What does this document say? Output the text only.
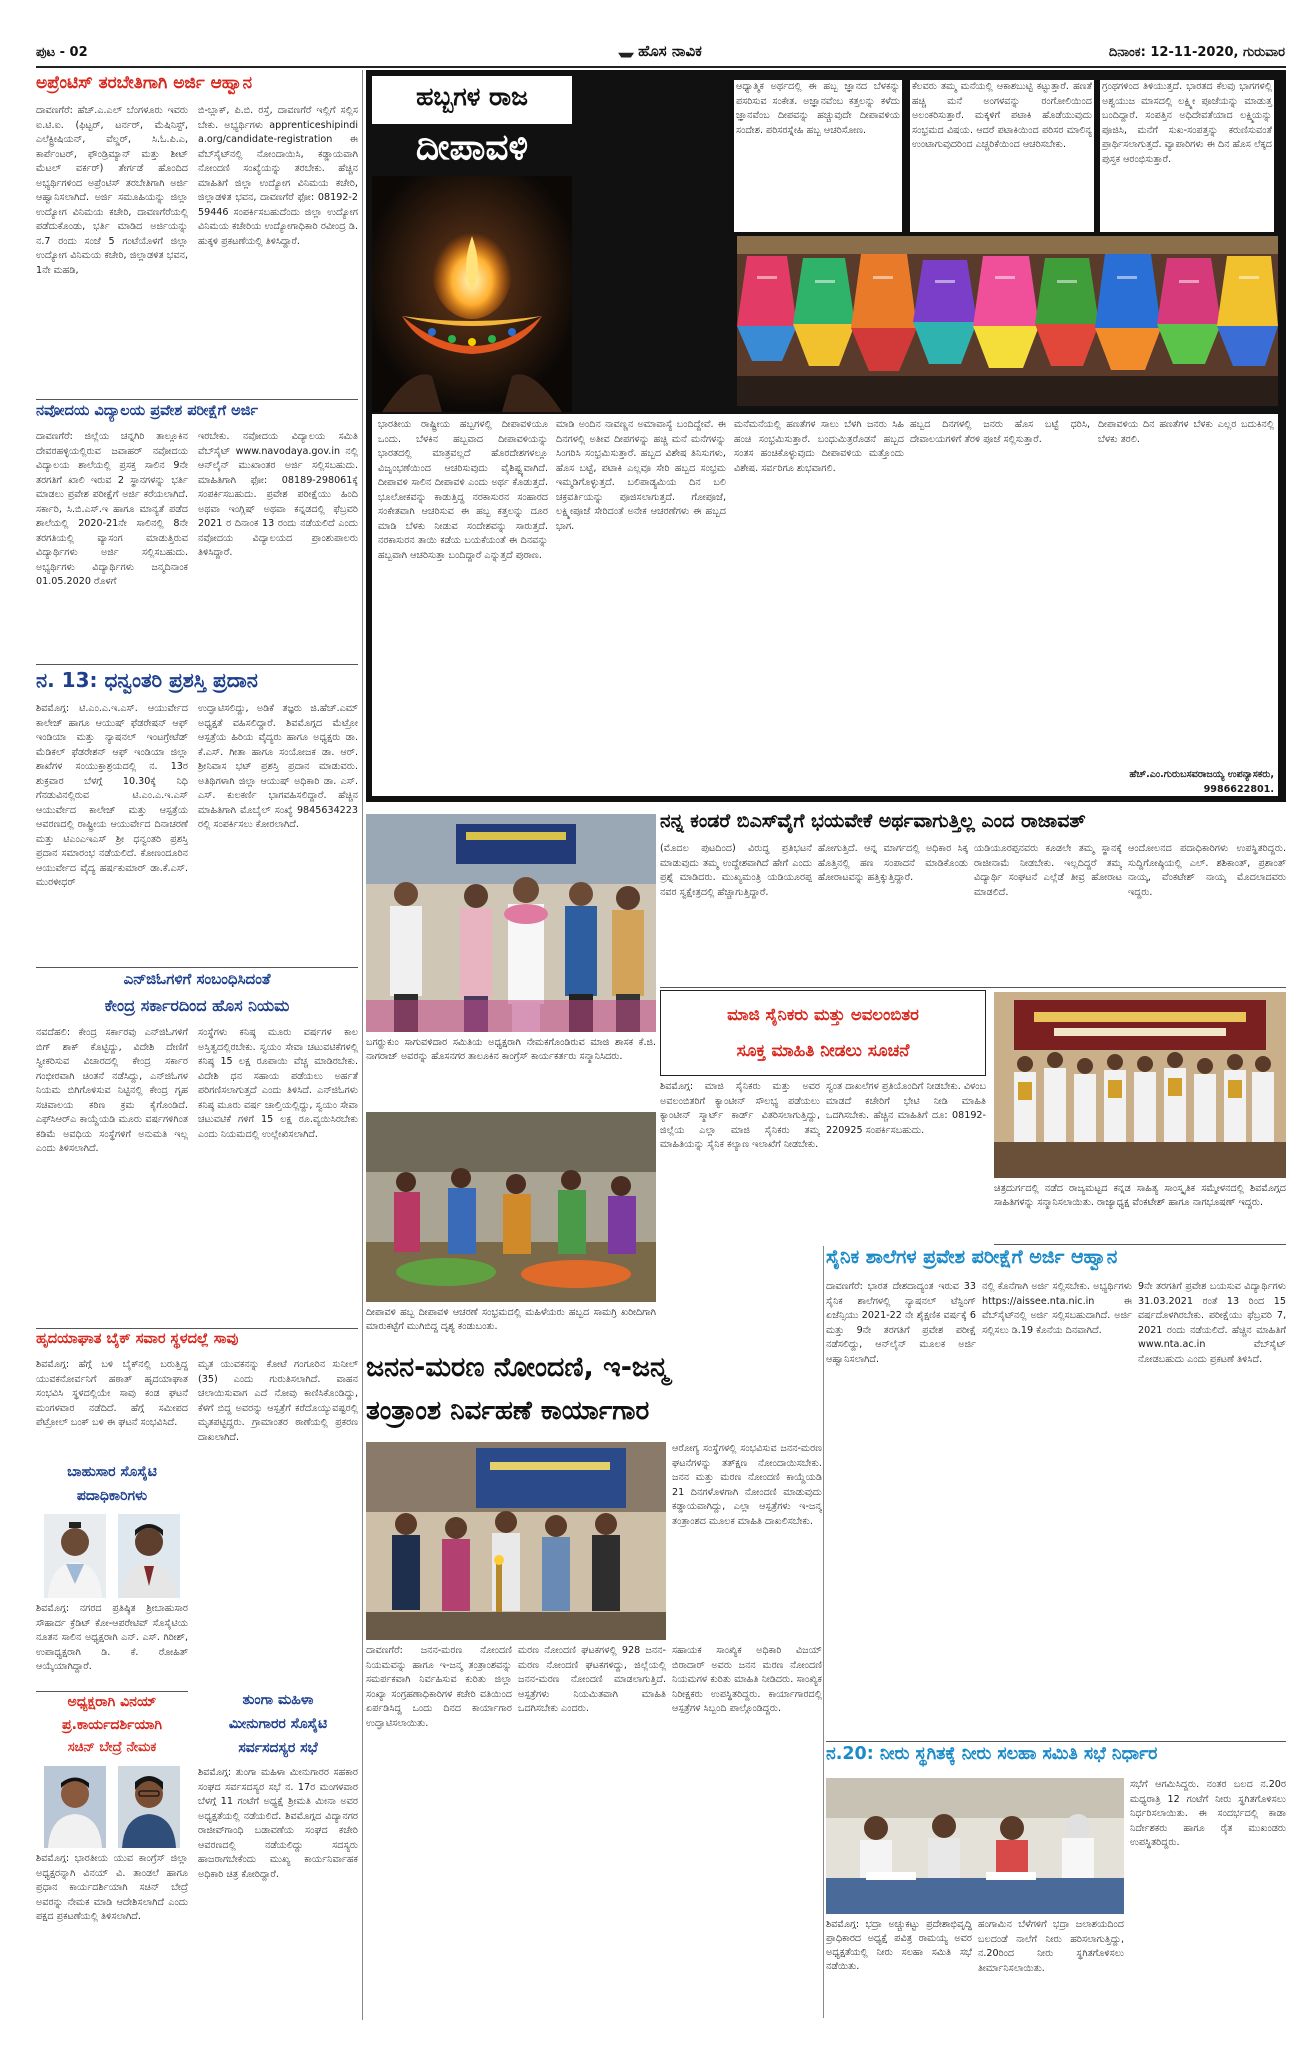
ಪುಟ - 02	ಹೊಸ ನಾವಿಕ	ದಿನಾಂಕ: 12-11-2020, ಗುರುವಾರ
ಅಪ್ರೆಂಟಿಸ್ ತರಬೇತಿಗಾಗಿ ಅರ್ಜಿ ಆಹ್ವಾನ
ದಾವಣಗೆರೆ: ಹೆಚ್.ಎ.ಎಲ್ ಬೆಂಗಳೂರು ಇವರು ಐ.ಟಿ.ಐ. (ಫಿಟ್ಟರ್, ಟರ್ನರ್, ಮೆಷಿನಿಸ್ಟ್, ಎಲೆಕ್ಟ್ರೀಷಿಯನ್, ವೆಲ್ಡರ್, ಸಿ.ಓ.ಪಿ.ಎ, ಕಾರ್ಪೆಂಟರ್, ಫೌಂಡ್ರಿಮ್ಯಾನ್ ಮತ್ತು ಶೀಟ್ ಮೆಟಲ್ ವರ್ಕರ್) ತೇರ್ಗಡೆ ಹೊಂದಿದ ಅಭ್ಯರ್ಥಿಗಳಿಂದ ಅಪ್ರೆಂಟಿಸ್ ತರಬೇತಿಗಾಗಿ ಅರ್ಜಿ ಆಹ್ವಾನಿಸಲಾಗಿದೆ. ಅರ್ಜಿ ಸಮೂಹಿಯನ್ನು ಜಿಲ್ಲಾ ಉದ್ಯೋಗ ವಿನಿಮಯ ಕಚೇರಿ, ದಾವಣಗೆರೆಯಲ್ಲಿ ಪಡೆದುಕೊಂಡು, ಭರ್ತಿ ಮಾಡಿದ ಅರ್ಜಿಯನ್ನು ನ.7 ರಂದು ಸಂಜೆ 5 ಗಂಟೆಯೊಳಗೆ ಜಿಲ್ಲಾ ಉದ್ಯೋಗ ವಿನಿಮಯ ಕಚೇರಿ, ಜಿಲ್ಲಾಡಳಿತ ಭವನ, 1ನೇ ಮಹಡಿ,
ಬಿ-ಬ್ಲಾಕ್, ಪಿ.ಬಿ. ರಸ್ತೆ, ದಾವಣಗೆರೆ ಇಲ್ಲಿಗೆ ಸಲ್ಲಿಸಬೇಕು. ಅಭ್ಯರ್ಥಿಗಳು apprenticeshipindia.org/candidate-registration ಈ ವೆಬ್‍ಸೈಟ್‍ನಲ್ಲಿ ನೋಂದಾಯಿಸಿ, ಕಡ್ಡಾಯವಾಗಿ ನೋಂದಣಿ ಸಂಖ್ಯೆಯನ್ನು ತರಬೇಕು. ಹೆಚ್ಚಿನ ಮಾಹಿತಿಗೆ ಜಿಲ್ಲಾ ಉದ್ಯೋಗ ವಿನಿಮಯ ಕಚೇರಿ, ಜಿಲ್ಲಾಡಳಿತ ಭವನ, ದಾವಣಗೆರೆ ಫೋ: 08192-259446 ಸಂಪರ್ಕಿಸಬಹುದೆಂದು ಜಿಲ್ಲಾ ಉದ್ಯೋಗ ವಿನಿಮಯ ಕಚೇರಿಯ ಉದ್ಯೋಗಾಧಿಕಾರಿ ರವೀಂದ್ರ ಡಿ. ಹುಕ್ಕಳಿ ಪ್ರಕಟಣೆಯಲ್ಲಿ ತಿಳಿಸಿದ್ದಾರೆ.
ನವೋದಯ ವಿದ್ಯಾಲಯ ಪ್ರವೇಶ ಪರೀಕ್ಷೆಗೆ ಅರ್ಜಿ
ದಾವಣಗೆರೆ: ಜಿಲ್ಲೆಯ ಚನ್ನಗಿರಿ ತಾಲ್ಲೂಕಿನ ದೇವರಹಳ್ಳಿಯಲ್ಲಿರುವ ಜವಾಹರ್ ನವೋದಯ ವಿದ್ಯಾಲಯ ಶಾಲೆಯಲ್ಲಿ ಪ್ರಸಕ್ತ ಸಾಲಿನ 9ನೇ ತರಗತಿಗೆ ಖಾಲಿ ಇರುವ 2 ಸ್ಥಾನಗಳನ್ನು ಭರ್ತಿ ಮಾಡಲು ಪ್ರವೇಶ ಪರೀಕ್ಷೆಗೆ ಅರ್ಜಿ ಕರೆಯಲಾಗಿದೆ. ಸರ್ಕಾರಿ, ಸಿ.ಬಿ.ಎಸ್.ಇ ಹಾಗೂ ಮಾನ್ಯತೆ ಪಡೆದ ಶಾಲೆಯಲ್ಲಿ 2020-21ನೇ ಸಾಲಿನಲ್ಲಿ 8ನೇ ತರಗತಿಯಲ್ಲಿ ವ್ಯಾಸಂಗ ಮಾಡುತ್ತಿರುವ ವಿದ್ಯಾರ್ಥಿಗಳು ಅರ್ಜಿ ಸಲ್ಲಿಸಬಹುದು. ಅಭ್ಯರ್ಥಿಗಳು ವಿದ್ಯಾರ್ಥಿಗಳು ಜನ್ಮದಿನಾಂಕ 01.05.2020 ರೊಳಗೆ
ಇರಬೇಕು. ನವೋದಯ ವಿದ್ಯಾಲಯ ಸಮಿತಿ ವೆಬ್‍ಸೈಟ್ www.navodaya.gov.in ನಲ್ಲಿ ಆನ್‍ಲೈನ್ ಮುಖಾಂತರ ಅರ್ಜಿ ಸಲ್ಲಿಸಬಹುದು. ಮಾಹಿತಿಗಾಗಿ ಫೋ: 08189-298061ಕ್ಕೆ ಸಂಪರ್ಕಿಸಬಹುದು. ಪ್ರವೇಶ ಪರೀಕ್ಷೆಯು ಹಿಂದಿ ಅಥವಾ ಇಂಗ್ಲಿಷ್ ಅಥವಾ ಕನ್ನಡದಲ್ಲಿ ಫೆಬ್ರವರಿ 2021 ರ ದಿನಾಂಕ 13 ರಂದು ನಡೆಯಲಿದೆ ಎಂದು ನವೋದಯ ವಿದ್ಯಾಲಯದ ಪ್ರಾಂಶುಪಾಲರು ತಿಳಿಸಿದ್ದಾರೆ.
ನ. 13: ಧನ್ವಂತರಿ ಪ್ರಶಸ್ತಿ ಪ್ರದಾನ
ಶಿವಮೊಗ್ಗ: ಟಿ.ಎಂ.ಎ.ಇ.ಎಸ್. ಆಯುರ್ವೇದ ಕಾಲೇಜ್ ಹಾಗೂ ಆಯುಷ್ ಫೆಡರೇಷನ್ ಆಫ್ ಇಂಡಿಯಾ ಮತ್ತು ನ್ಯಾಷನಲ್ ಇಂಟಗ್ರೇಟೆಡ್ ಮೆಡಿಕಲ್ ಫೆಡರೇಶನ್ ಆಫ್ ಇಂಡಿಯಾ ಜಿಲ್ಲಾ ಶಾಖೆಗಳ ಸಂಯುಕ್ತಾಶ್ರಯದಲ್ಲಿ ನ. 13ರ ಶುಕ್ರವಾರ ಬೆಳಗ್ಗೆ 10.30ಕ್ಕೆ ನಿಧಿ ಗೆನಡುವಿನಲ್ಲಿರುವ ಟಿ.ಎಂ.ಎ.ಇ.ಎಸ್ ಆಯುರ್ವೇದ ಕಾಲೇಜ್ ಮತ್ತು ಆಸ್ಪತ್ರೆಯ ಆವರಣದಲ್ಲಿ ರಾಷ್ಟ್ರೀಯ ಆಯುರ್ವೇದ ದಿನಾಚರಣೆ ಮತ್ತು ಟಿಎಂಎಇಎಸ್ ಶ್ರೀ ಧನ್ವಂತರಿ ಪ್ರಶಸ್ತಿ ಪ್ರದಾನ ಸಮಾರಂಭ ನಡೆಯಲಿದೆ. ಕೋಣಂದೂರಿನ ಆಯುರ್ವೇದ ವೈದ್ಯ ಹರ್ಷಕುಮಾರ್ ಡಾ.ಕೆ.ಎಸ್. ಮುರಳೀಧರ್
ಉದ್ಘಾಟಿಸಲಿದ್ದು, ಅಡಿಕೆ ತಜ್ಞರು ಜಿ.ಹೆಚ್.ಎಮ್ ಅಧ್ಯಕ್ಷತೆ ವಹಿಸಲಿದ್ದಾರೆ. ಶಿವಮೊಗ್ಗದ ಮೆಟ್ರೋ ಆಸ್ಪತ್ರೆಯ ಹಿರಿಯ ವೈದ್ಯರು ಹಾಗೂ ಅಧ್ಯಕ್ಷರು ಡಾ. ಕೆ.ಎಸ್. ಗೀತಾ ಹಾಗೂ ಸಂಯೋಜಕ ಡಾ. ಆರ್. ಶ್ರೀನಿವಾಸ ಭಟ್ ಪ್ರಶಸ್ತಿ ಪ್ರದಾನ ಮಾಡುವರು. ಅತಿಥಿಗಳಾಗಿ ಜಿಲ್ಲಾ ಆಯುಷ್ ಅಧಿಕಾರಿ ಡಾ. ಎಸ್. ಎಸ್. ಕುಲಕರ್ಣಿ ಭಾಗವಹಿಸಲಿದ್ದಾರೆ. ಹೆಚ್ಚಿನ ಮಾಹಿತಿಗಾಗಿ ಮೊಬೈಲ್ ಸಂಖ್ಯೆ 9845634223 ರಲ್ಲಿ ಸಂಪರ್ಕಿಸಲು ಕೋರಲಾಗಿದೆ.
ಎನ್‍ಜಿಓಗಳಿಗೆ ಸಂಬಂಧಿಸಿದಂತೆ
ಕೇಂದ್ರ ಸರ್ಕಾರದಿಂದ ಹೊಸ ನಿಯಮ
ನವದೆಹಲಿ: ಕೇಂದ್ರ ಸರ್ಕಾರವು ಎನ್‍ಜಿಓಗಳಿಗೆ ಬಿಗ್ ಶಾಕ್ ಕೊಟ್ಟಿದ್ದು, ವಿದೇಶಿ ದೇಣಿಗೆ ಸ್ವೀಕರಿಸುವ ವಿಚಾರದಲ್ಲಿ ಕೇಂದ್ರ ಸರ್ಕಾರ ಗಂಭೀರವಾಗಿ ಚಿಂತನೆ ನಡೆಸಿದ್ದು, ಎನ್‍ಜಿಓಗಳ ನಿಯಮ ಬಿಗಿಗೊಳಿಸುವ ನಿಟ್ಟಿನಲ್ಲಿ ಕೇಂದ್ರ ಗೃಹ ಸಚಿವಾಲಯ ಕಠಿಣ ಕ್ರಮ ಕೈಗೊಂಡಿದೆ. ಎಫ್‍ಸಿಆರ್‍ಎ ಕಾಯ್ದೆಯಡಿ ಮೂರು ವರ್ಷಗಳಿಗಿಂತ ಕಡಿಮೆ ಅವಧಿಯ ಸಂಸ್ಥೆಗಳಿಗೆ ಅನುಮತಿ ಇಲ್ಲ ಎಂದು ತಿಳಿಸಲಾಗಿದೆ.
ಸಂಸ್ಥೆಗಳು ಕನಿಷ್ಠ ಮೂರು ವರ್ಷಗಳ ಕಾಲ ಅಸ್ತಿತ್ವದಲ್ಲಿರಬೇಕು. ಸ್ವಯಂ ಸೇವಾ ಚಟುವಟಿಕೆಗಳಲ್ಲಿ ಕನಿಷ್ಠ 15 ಲಕ್ಷ ರೂಪಾಯಿ ವೆಚ್ಚ ಮಾಡಿರಬೇಕು. ವಿದೇಶಿ ಧನ ಸಹಾಯ ಪಡೆಯಲು ಅರ್ಹತೆ ಪರಿಗಣಿಸಲಾಗುತ್ತದೆ ಎಂದು ತಿಳಿಸಿದೆ. ಎನ್‍ಜಿಓಗಳು ಕನಿಷ್ಠ ಮೂರು ವರ್ಷ ಚಾಲ್ತಿಯಲ್ಲಿದ್ದು, ಸ್ವಯಂ ಸೇವಾ ಚಟುವಟಿಕೆ ಗಳಿಗೆ 15 ಲಕ್ಷ ರೂ.ವ್ಯಯಿಸಿರಬೇಕು ಎಂದು ನಿಯಮದಲ್ಲಿ ಉಲ್ಲೇಖಿಸಲಾಗಿದೆ.
ಹೃದಯಾಘಾತ ಬೈಕ್ ಸವಾರ ಸ್ಥಳದಲ್ಲೆ ಸಾವು
ಶಿವಮೊಗ್ಗ: ಹೆಗ್ಗೆ ಬಳಿ ಬೈಕ್‍ನಲ್ಲಿ ಬರುತ್ತಿದ್ದ ಯುವಕನೋರ್ವನಿಗೆ ಹಠಾತ್ ಹೃದಯಾಘಾತ ಸಂಭವಿಸಿ ಸ್ಥಳದಲ್ಲಿಯೇ ಸಾವು ಕಂಡ ಘಟನೆ ಮಂಗಳವಾರ ನಡೆದಿದೆ. ಹೆಗ್ಗೆ ಸಮೀಪದ ಪೆಟ್ರೋಲ್ ಬಂಕ್ ಬಳಿ ಈ ಘಟನೆ ಸಂಭವಿಸಿದೆ.
ಮೃತ ಯುವಕನನ್ನು ಕೋಟೆ ಗಂಗೂರಿನ ಸುನೀಲ್ (35) ಎಂದು ಗುರುತಿಸಲಾಗಿದೆ. ವಾಹನ ಚಲಾಯಿಸುವಾಗ ಎದೆ ನೋವು ಕಾಣಿಸಿಕೊಂಡಿದ್ದು, ಕೆಳಗೆ ಬಿದ್ದ ಅವರನ್ನು ಆಸ್ಪತ್ರೆಗೆ ಕರೆದೊಯ್ಯುವಷ್ಟರಲ್ಲಿ ಮೃತಪಟ್ಟಿದ್ದರು. ಗ್ರಾಮಾಂತರ ಠಾಣೆಯಲ್ಲಿ ಪ್ರಕರಣ ದಾಖಲಾಗಿದೆ.
ಬಾಹುಸಾರ ಸೊಸೈಟಿ
ಪದಾಧಿಕಾರಿಗಳು
ಶಿವಮೊಗ್ಗ: ನಗರದ ಪ್ರತಿಷ್ಠಿತ ಶ್ರೀಬಾಹುಸಾರ ಸೌಹಾರ್ದ ಕ್ರೆಡಿಟ್ ಕೋ-ಆಪರೇಟಿವ್ ಸೊಸೈಟಿಯ ನೂತನ ಸಾಲಿನ ಅಧ್ಯಕ್ಷರಾಗಿ ಎನ್. ಎಸ್. ಗಿರೀಶ್, ಉಪಾಧ್ಯಕ್ಷರಾಗಿ ಡಿ. ಕೆ. ರೋಹಿತ್ ಆಯ್ಕೆಯಾಗಿದ್ದಾರೆ.
ಅಧ್ಯಕ್ಷರಾಗಿ ವಿನಯ್
ಪ್ರ.ಕಾರ್ಯದರ್ಶಿಯಾಗಿ
ಸಚಿನ್ ಬೇದ್ರೆ ನೇಮಕ
ಶಿವಮೊಗ್ಗ: ಭಾರತೀಯ ಯುವ ಕಾಂಗ್ರೆಸ್ ಜಿಲ್ಲಾ ಅಧ್ಯಕ್ಷರನ್ನಾಗಿ ವಿನಯ್ ವಿ. ತಾಂಡಲೆ ಹಾಗೂ ಪ್ರಧಾನ ಕಾರ್ಯದರ್ಶಿಯಾಗಿ ಸಚಿನ್ ಬೇದ್ರೆ ಅವರನ್ನು ನೇಮಕ ಮಾಡಿ ಆದೇಶಿಸಲಾಗಿದೆ ಎಂದು ಪಕ್ಷದ ಪ್ರಕಟಣೆಯಲ್ಲಿ ತಿಳಿಸಲಾಗಿದೆ.
ತುಂಗಾ ಮಹಿಳಾ
ಮೀನುಗಾರರ ಸೊಸೈಟಿ
ಸರ್ವಸದಸ್ಯರ ಸಭೆ
ಶಿವಮೊಗ್ಗ: ತುಂಗಾ ಮಹಿಳಾ ಮೀನುಗಾರರ ಸಹಕಾರ ಸಂಘದ ಸರ್ವಸದಸ್ಯರ ಸಭೆ ನ. 17ರ ಮಂಗಳವಾರ ಬೆಳಗ್ಗೆ 11 ಗಂಟೆಗೆ ಅಧ್ಯಕ್ಷೆ ಶ್ರೀಮತಿ ಮೀನಾ ಅವರ ಅಧ್ಯಕ್ಷತೆಯಲ್ಲಿ ನಡೆಯಲಿದೆ. ಶಿವಮೊಗ್ಗದ ವಿದ್ಯಾನಗರ ರಾಜೀವ್‍ಗಾಂಧಿ ಬಡಾವಣೆಯ ಸಂಘದ ಕಚೇರಿ ಆವರಣದಲ್ಲಿ ನಡೆಯಲಿದ್ದು ಸದಸ್ಯರು ಹಾಜರಾಗಬೇಕೆಂದು ಮುಖ್ಯ ಕಾರ್ಯನಿರ್ವಾಹಕ ಅಧಿಕಾರಿ ಚಿತ್ರ ಕೋರಿದ್ದಾರೆ.
ಹಬ್ಬಗಳ ರಾಜ
ದೀಪಾವಳಿ
ಭಾರತೀಯ ರಾಷ್ಟ್ರೀಯ ಹಬ್ಬಗಳಲ್ಲಿ ದೀಪಾವಳಿಯೂ ಒಂದು. ಬೆಳಕಿನ ಹಬ್ಬವಾದ ದೀಪಾವಳಿಯನ್ನು ಭಾರತದಲ್ಲಿ ಮಾತ್ರವಲ್ಲದೆ ಹೊರದೇಶಗಳಲ್ಲೂ ವಿಜೃಂಭಣೆಯಿಂದ ಆಚರಿಸುವುದು ವೈಶಿಷ್ಟ್ಯವಾಗಿದೆ. ದೀಪಾವಳಿ ಸಾಲಿನ ದೀಪಾವಳಿ ಎಂದು ಅರ್ಥ ಕೊಡುತ್ತದೆ. ಭೂಲೋಕವನ್ನು ಕಾಡುತ್ತಿದ್ದ ನರಕಾಸುರನ ಸಂಹಾರದ ಸಂಕೇತವಾಗಿ ಆಚರಿಸುವ ಈ ಹಬ್ಬ ಕತ್ತಲನ್ನು ದೂರ ಮಾಡಿ ಬೆಳಕು ನೀಡುವ ಸಂದೇಶವನ್ನು ಸಾರುತ್ತದೆ. ನರಕಾಸುರನ ತಾಯಿ ಕಡೆಯ ಬಯಕೆಯಂತೆ ಈ ದಿನವನ್ನು ಹಬ್ಬವಾಗಿ ಆಚರಿಸುತ್ತಾ ಬಂದಿದ್ದಾರೆ ಎನ್ನುತ್ತದೆ ಪುರಾಣ.
ಮಾಡಿ ಅಂದಿನ ನಾವಣ್ಣನ ಅಮಾವಾಸ್ಯೆ ಬಂದಿದ್ದೇವೆ. ಈ ದಿನಗಳಲ್ಲಿ ಅತೀವ ದೀಪಗಳನ್ನು ಹಚ್ಚಿ ಮನೆ ಮನೆಗಳನ್ನು ಸಿಂಗರಿಸಿ ಸಂಭ್ರಮಿಸುತ್ತಾರೆ. ಹಬ್ಬದ ವಿಶೇಷ ತಿನಿಸುಗಳು, ಹೊಸ ಬಟ್ಟೆ, ಪಟಾಕಿ ಎಲ್ಲವೂ ಸೇರಿ ಹಬ್ಬದ ಸಂಭ್ರಮ ಇಮ್ಮಡಿಗೊಳ್ಳುತ್ತದೆ. ಬಲಿಪಾಡ್ಯಮಿಯ ದಿನ ಬಲಿ ಚಕ್ರವರ್ತಿಯನ್ನು ಪೂಜಿಸಲಾಗುತ್ತದೆ. ಗೋಪೂಜೆ, ಲಕ್ಷ್ಮೀಪೂಜೆ ಸೇರಿದಂತೆ ಅನೇಕ ಆಚರಣೆಗಳು ಈ ಹಬ್ಬದ ಭಾಗ.
ಆಧ್ಯಾತ್ಮಿಕ ಅರ್ಥದಲ್ಲಿ ಈ ಹಬ್ಬ ಜ್ಞಾನದ ಬೆಳಕನ್ನು ಪಸರಿಸುವ ಸಂಕೇತ. ಅಜ್ಞಾನವೆಂಬ ಕತ್ತಲನ್ನು ಕಳೆದು ಜ್ಞಾನವೆಂಬ ದೀಪವನ್ನು ಹಚ್ಚುವುದೇ ದೀಪಾವಳಿಯ ಸಂದೇಶ. ಪರಿಸರಸ್ನೇಹಿ ಹಬ್ಬ ಆಚರಿಸೋಣ.
ಗ್ರಂಥಗಳಿಂದ ತಿಳಿಯುತ್ತದೆ. ಭಾರತದ ಕೆಲವು ಭಾಗಗಳಲ್ಲಿ ಅಶ್ವಯುಜ ಮಾಸದಲ್ಲಿ ಲಕ್ಷ್ಮೀ ಪೂಜೆಯನ್ನು ಮಾಡುತ್ತ ಬಂದಿದ್ದಾರೆ. ಸಂಪತ್ತಿನ ಅಧಿದೇವತೆಯಾದ ಲಕ್ಷ್ಮಿಯನ್ನು ಪೂಜಿಸಿ, ಮನೆಗೆ ಸುಖ-ಸಂಪತ್ತನ್ನು ಕರುಣಿಸುವಂತೆ ಪ್ರಾರ್ಥಿಸಲಾಗುತ್ತದೆ. ವ್ಯಾಪಾರಿಗಳು ಈ ದಿನ ಹೊಸ ಲೆಕ್ಕದ ಪುಸ್ತಕ ಆರಂಭಿಸುತ್ತಾರೆ.
ಕೆಲವರು ತಮ್ಮ ಮನೆಯಲ್ಲಿ ಆಕಾಶಬುಟ್ಟಿ ಕಟ್ಟುತ್ತಾರೆ. ಹಣತೆ ಹಚ್ಚಿ ಮನೆ ಅಂಗಳವನ್ನು ರಂಗೋಲಿಯಿಂದ ಅಲಂಕರಿಸುತ್ತಾರೆ. ಮಕ್ಕಳಿಗೆ ಪಟಾಕಿ ಹೊಡೆಯುವುದು ಸಂಭ್ರಮದ ವಿಷಯ. ಆದರೆ ಪಟಾಕಿಯಿಂದ ಪರಿಸರ ಮಾಲಿನ್ಯ ಉಂಟಾಗುವುದರಿಂದ ಎಚ್ಚರಿಕೆಯಿಂದ ಆಚರಿಸಬೇಕು.
ಮನೆಮನೆಯಲ್ಲಿ ಹಣತೆಗಳ ಸಾಲು ಬೆಳಗಿ ಜನರು ಸಿಹಿ ಹಂಚಿ ಸಂಭ್ರಮಿಸುತ್ತಾರೆ. ಬಂಧುಮಿತ್ರರೊಡನೆ ಹಬ್ಬದ ಸಂತಸ ಹಂಚಿಕೊಳ್ಳುವುದು ದೀಪಾವಳಿಯ ಮತ್ತೊಂದು ವಿಶೇಷ. ಸರ್ವರಿಗೂ ಶುಭವಾಗಲಿ.
ಹಬ್ಬದ ದಿನಗಳಲ್ಲಿ ಜನರು ಹೊಸ ಬಟ್ಟೆ ಧರಿಸಿ, ದೇವಾಲಯಗಳಿಗೆ ತೆರಳಿ ಪೂಜೆ ಸಲ್ಲಿಸುತ್ತಾರೆ.
ದೀಪಾವಳಿಯ ದಿನ ಹಣತೆಗಳ ಬೆಳಕು ಎಲ್ಲರ ಬದುಕಿನಲ್ಲಿ ಬೆಳಕು ತರಲಿ.
ಹೆಚ್.ಎಂ.ಗುರುಬಸವರಾಜಯ್ಯ ಉಪನ್ಯಾಸಕರು, 9986622801.
ನನ್ನ ಕಂಡರೆ ಬಿಎಸ್‍ವೈಗೆ ಭಯವೇಕೆ ಅರ್ಥವಾಗುತ್ತಿಲ್ಲ ಎಂದ ರಾಜಾವತ್
ಬಗರ್‍ಹುಕುಂ ಸಾಗುವಳಿದಾರ ಸಮಿತಿಯ ಅಧ್ಯಕ್ಷರಾಗಿ ನೇಮಕಗೊಂಡಿರುವ ಮಾಜಿ ಶಾಸಕ ಕೆ.ಜಿ. ನಾಗರಾಜ್ ಅವರನ್ನು ಹೊಸನಗರ ತಾಲೂಕಿನ ಕಾಂಗ್ರೆಸ್ ಕಾರ್ಯಕರ್ತರು ಸನ್ಮಾನಿಸಿದರು.
(ಮೊದಲ ಪುಟದಿಂದ) ವಿರುದ್ಧ ಪ್ರತಿಭಟನೆ ಮಾಡುವುದು ತಮ್ಮ ಉದ್ದೇಶವಾಗಿದೆ ಹೇಗೆ ಎಂದು ಪ್ರಶ್ನೆ ಮಾಡಿದರು. ಮುಖ್ಯಮಂತ್ರಿ ಯಡಿಯೂರಪ್ಪ ನವರ ಸ್ವಕ್ಷೇತ್ರದಲ್ಲಿ ಹೆಚ್ಚಾಗುತ್ತಿದ್ದಾರೆ.
ಹೋಗುತ್ತಿದೆ. ಆನ್ನ ಮಾರ್ಗದಲ್ಲಿ ಅಧಿಕಾರ ಸಿಕ್ಕ ಹೊತ್ತಿನಲ್ಲಿ ಹಣ ಸಂಪಾದನೆ ಮಾಡಿಕೊಂಡು ಹೋರಾಟವನ್ನು ಹತ್ತಿಕ್ಕುತ್ತಿದ್ದಾರೆ.
ಯಡಿಯೂರಪ್ಪನವರು ಕೂಡಲೇ ತಮ್ಮ ಸ್ಥಾನಕ್ಕೆ ರಾಜೀನಾಮೆ ನೀಡಬೇಕು. ಇಲ್ಲದಿದ್ದರೆ ತಮ್ಮ ವಿದ್ಯಾರ್ಥಿ ಸಂಘಟನೆ ಎಲ್ಲೆಡೆ ತೀವ್ರ ಹೋರಾಟ ಮಾಡಲಿದೆ.
ಆಂದೋಲನದ ಪದಾಧಿಕಾರಿಗಳು ಉಪಸ್ಥಿತರಿದ್ದರು. ಸುದ್ದಿಗೋಷ್ಠಿಯಲ್ಲಿ ಎಲ್. ಶಶಿಕಾಂತ್, ಪ್ರಶಾಂತ್ ನಾಯ್ಕ, ವೆಂಕಟೇಶ್ ನಾಯ್ಕ ಮೊದಲಾದವರು ಇದ್ದರು.
ಮಾಜಿ ಸೈನಿಕರು ಮತ್ತು ಅವಲಂಬಿತರ
ಸೂಕ್ತ ಮಾಹಿತಿ ನೀಡಲು ಸೂಚನೆ
ದೀಪಾವಳಿ ಹಬ್ಬ ದೀಪಾವಳಿ ಆಚರಣೆ ಸಂಭ್ರಮದಲ್ಲಿ ಮಹಿಳೆಯರು ಹಬ್ಬದ ಸಾಮಗ್ರಿ ಖರೀದಿಗಾಗಿ ಮಾರುಕಟ್ಟೆಗೆ ಮುಗಿಬಿದ್ದ ದೃಶ್ಯ ಕಂಡುಬಂತು.
ಶಿವಮೊಗ್ಗ: ಮಾಜಿ ಸೈನಿಕರು ಮತ್ತು ಅವರ ಅವಲಂಬಿತರಿಗೆ ಕ್ಯಾಂಟೀನ್ ಸೌಲಭ್ಯ ಪಡೆಯಲು ಕ್ಯಾಂಟೀನ್ ಸ್ಮಾರ್ಟ್ ಕಾರ್ಡ್ ವಿತರಿಸಲಾಗುತ್ತಿದ್ದು, ಜಿಲ್ಲೆಯ ಎಲ್ಲಾ ಮಾಜಿ ಸೈನಿಕರು ತಮ್ಮ ಮಾಹಿತಿಯನ್ನು ಸೈನಿಕ ಕಲ್ಯಾಣ ಇಲಾಖೆಗೆ ನೀಡಬೇಕು.
ಸ್ವಂತ ದಾಖಲೆಗಳ ಪ್ರತಿಯೊಂದಿಗೆ ನೀಡಬೇಕು. ವಿಳಂಬ ಮಾಡದೆ ಕಚೇರಿಗೆ ಭೇಟಿ ನೀಡಿ ಮಾಹಿತಿ ಒದಗಿಸಬೇಕು. ಹೆಚ್ಚಿನ ಮಾಹಿತಿಗೆ ದೂ: 08192-220925 ಸಂಪರ್ಕಿಸಬಹುದು.
ಚಿತ್ರದುರ್ಗದಲ್ಲಿ ನಡೆದ ರಾಜ್ಯಮಟ್ಟದ ಕನ್ನಡ ಸಾಹಿತ್ಯ ಸಾಂಸ್ಕೃತಿಕ ಸಮ್ಮೇಳನದಲ್ಲಿ ಶಿವಮೊಗ್ಗದ ಸಾಹಿತಿಗಳನ್ನು ಸನ್ಮಾನಿಸಲಾಯಿತು. ರಾಜ್ಯಾಧ್ಯಕ್ಷ ವೆಂಕಟೇಶ್ ಹಾಗೂ ನಾಗಭೂಷಣ್ ಇದ್ದರು.
ಸೈನಿಕ ಶಾಲೆಗಳ ಪ್ರವೇಶ ಪರೀಕ್ಷೆಗೆ ಅರ್ಜಿ ಆಹ್ವಾನ
ದಾವಣಗೆರೆ: ಭಾರತ ದೇಶದಾದ್ಯಂತ ಇರುವ 33 ಸೈನಿಕ ಶಾಲೆಗಳಲ್ಲಿ ನ್ಯಾಷನಲ್ ಟೆಸ್ಟಿಂಗ್ ಏಜೆನ್ಸಿಯು 2021-22 ನೇ ಶೈಕ್ಷಣಿಕ ವರ್ಷಕ್ಕೆ 6 ಮತ್ತು 9ನೇ ತರಗತಿಗೆ ಪ್ರವೇಶ ಪರೀಕ್ಷೆ ನಡೆಸಲಿದ್ದು, ಆನ್‍ಲೈನ್ ಮೂಲಕ ಅರ್ಜಿ ಆಹ್ವಾನಿಸಲಾಗಿದೆ.
ನಲ್ಲಿ ಕೊನೆಗಾಗಿ ಅರ್ಜಿ ಸಲ್ಲಿಸಬೇಕು. ಅಭ್ಯರ್ಥಿಗಳು https://aissee.nta.nic.in ಈ ವೆಬ್‍ಸೈಟ್‍ನಲ್ಲಿ ಅರ್ಜಿ ಸಲ್ಲಿಸಬಹುದಾಗಿದೆ. ಅರ್ಜಿ ಸಲ್ಲಿಸಲು ಡಿ.19 ಕೊನೆಯ ದಿನವಾಗಿದೆ.
9ನೇ ತರಗತಿಗೆ ಪ್ರವೇಶ ಬಯಸುವ ವಿದ್ಯಾರ್ಥಿಗಳು 31.03.2021 ರಂತೆ 13 ರಿಂದ 15 ವರ್ಷದೊಳಗಿರಬೇಕು. ಪರೀಕ್ಷೆಯು ಫೆಬ್ರವರಿ 7, 2021 ರಂದು ನಡೆಯಲಿದೆ. ಹೆಚ್ಚಿನ ಮಾಹಿತಿಗೆ www.nta.ac.in ವೆಬ್‍ಸೈಟ್ ನೋಡಬಹುದು ಎಂದು ಪ್ರಕಟಣೆ ತಿಳಿಸಿದೆ.
ಜನನ-ಮರಣ ನೋಂದಣಿ, ಇ-ಜನ್ಮ
ತಂತ್ರಾಂಶ ನಿರ್ವಹಣೆ ಕಾರ್ಯಾಗಾರ
ಆರೋಗ್ಯ ಸಂಸ್ಥೆಗಳಲ್ಲಿ ಸಂಭವಿಸುವ ಜನನ-ಮರಣ ಘಟನೆಗಳನ್ನು ತತ್‍ಕ್ಷಣ ನೋಂದಾಯಿಸಬೇಕು. ಜನನ ಮತ್ತು ಮರಣ ನೋಂದಣಿ ಕಾಯ್ದೆಯಡಿ 21 ದಿನಗಳೊಳಗಾಗಿ ನೋಂದಣಿ ಮಾಡುವುದು ಕಡ್ಡಾಯವಾಗಿದ್ದು, ಎಲ್ಲಾ ಆಸ್ಪತ್ರೆಗಳು ಇ-ಜನ್ಮ ತಂತ್ರಾಂಶದ ಮೂಲಕ ಮಾಹಿತಿ ದಾಖಲಿಸಬೇಕು.
ದಾವಣಗೆರೆ: ಜನನ-ಮರಣ ನೋಂದಣಿ ನಿಯಮವನ್ನು ಹಾಗೂ ಇ-ಜನ್ಮ ತಂತ್ರಾಂಶವನ್ನು ಸಮರ್ಪಕವಾಗಿ ನಿರ್ವಹಿಸುವ ಕುರಿತು ಜಿಲ್ಲಾ ಸಂಖ್ಯಾ ಸಂಗ್ರಹಣಾಧಿಕಾರಿಗಳ ಕಚೇರಿ ವತಿಯಿಂದ ಏರ್ಪಡಿಸಿದ್ದ ಒಂದು ದಿನದ ಕಾರ್ಯಾಗಾರ ಉದ್ಘಾಟಿಸಲಾಯಿತು.
ಮರಣ ನೋಂದಣಿ ಘಟಕಗಳಲ್ಲಿ 928 ಜನನ-ಮರಣ ನೋಂದಣಿ ಘಟಕಗಳಿದ್ದು, ಜಿಲ್ಲೆಯಲ್ಲಿ ಜನನ-ಮರಣ ನೋಂದಣಿ ಮಾಡಲಾಗುತ್ತಿದೆ. ಆಸ್ಪತ್ರೆಗಳು ನಿಯಮಿತವಾಗಿ ಮಾಹಿತಿ ಒದಗಿಸಬೇಕು ಎಂದರು.
ಸಹಾಯಕ ಸಾಂಖ್ಯಿಕ ಅಧಿಕಾರಿ ವಿಜಯ್ ಬಿರಾದಾರ್ ಅವರು ಜನನ ಮರಣ ನೋಂದಣಿ ನಿಯಮಗಳ ಕುರಿತು ಮಾಹಿತಿ ನೀಡಿದರು. ಸಾಂಖ್ಯಿಕ ನಿರೀಕ್ಷಕರು ಉಪಸ್ಥಿತರಿದ್ದರು. ಕಾರ್ಯಾಗಾರದಲ್ಲಿ ಆಸ್ಪತ್ರೆಗಳ ಸಿಬ್ಬಂದಿ ಪಾಲ್ಗೊಂಡಿದ್ದರು.
ನ.20: ನೀರು ಸ್ಥಗಿತಕ್ಕೆ ನೀರು ಸಲಹಾ ಸಮಿತಿ ಸಭೆ ನಿರ್ಧಾರ
ಶಿವಮೊಗ್ಗ: ಭದ್ರಾ ಅಚ್ಚುಕಟ್ಟು ಪ್ರದೇಶಾಭಿವೃದ್ಧಿ ಪ್ರಾಧಿಕಾರದ ಅಧ್ಯಕ್ಷೆ ಪವಿತ್ರ ರಾಮಯ್ಯ ಅವರ ಅಧ್ಯಕ್ಷತೆಯಲ್ಲಿ ನೀರು ಸಲಹಾ ಸಮಿತಿ ಸಭೆ ನಡೆಯಿತು.
ಹಂಗಾಮಿನ ಬೆಳೆಗಳಿಗೆ ಭದ್ರಾ ಜಲಾಶಯದಿಂದ ಬಲದಂಡೆ ನಾಲೆಗೆ ನೀರು ಹರಿಸಲಾಗುತ್ತಿದ್ದು, ನ.20ರಿಂದ ನೀರು ಸ್ಥಗಿತಗೊಳಿಸಲು ತೀರ್ಮಾನಿಸಲಾಯಿತು.
ಸಭೆಗೆ ಆಗಮಿಸಿದ್ದರು. ನಂತರ ಬಲದ ನ.20ರ ಮಧ್ಯರಾತ್ರಿ 12 ಗಂಟೆಗೆ ನೀರು ಸ್ಥಗಿತಗೊಳಿಸಲು ನಿರ್ಧರಿಸಲಾಯಿತು. ಈ ಸಂದರ್ಭದಲ್ಲಿ ಕಾಡಾ ನಿರ್ದೇಶಕರು ಹಾಗೂ ರೈತ ಮುಖಂಡರು ಉಪಸ್ಥಿತರಿದ್ದರು.
